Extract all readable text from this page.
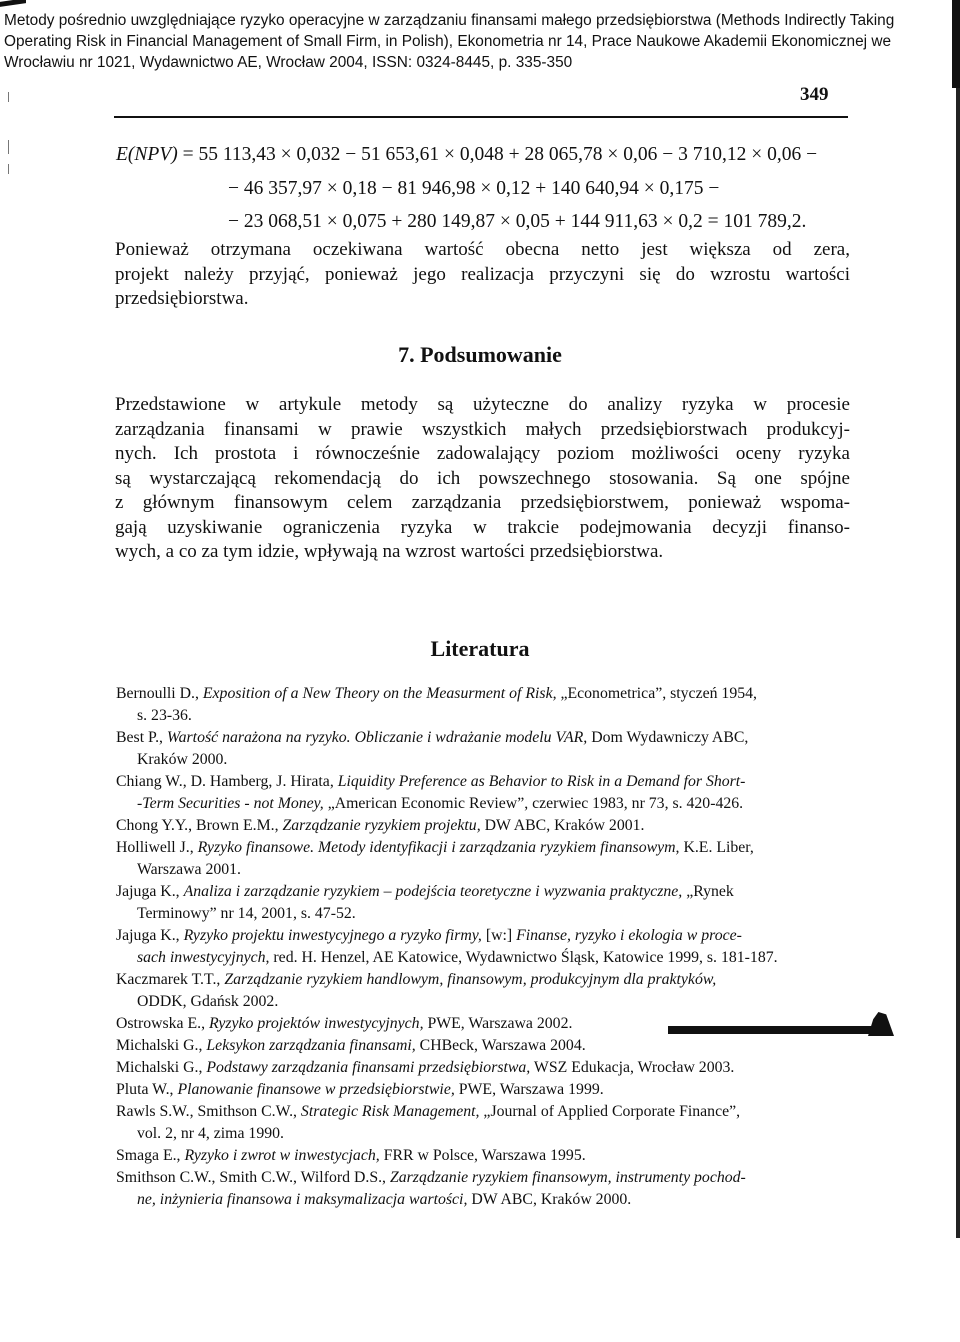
Metody pośrednio uwzględniające ryzyko operacyjne w zarządzaniu finansami małego przedsiębiorstwa (Methods Indirectly Taking
Operating Risk in Financial Management of Small Firm, in Polish), Ekonometria nr 14, Prace Naukowe Akademii Ekonomicznej we
Wrocławiu nr 1021, Wydawnictwo AE, Wrocław 2004, ISSN: 0324-8445, p. 335-350
349
E(NPV) = 55 113,43 × 0,032 − 51 653,61 × 0,048 + 28 065,78 × 0,06 − 3 710,12 × 0,06 −
− 46 357,97 × 0,18 − 81 946,98 × 0,12 + 140 640,94 × 0,175 −
− 23 068,51 × 0,075 + 280 149,87 × 0,05 + 144 911,63 × 0,2 = 101 789,2.
Ponieważ otrzymana oczekiwana wartość obecna netto jest większa od zera,
projekt należy przyjąć, ponieważ jego realizacja przyczyni się do wzrostu wartości
przedsiębiorstwa.
7. Podsumowanie
Przedstawione w artykule metody są użyteczne do analizy ryzyka w procesie
zarządzania finansami w prawie wszystkich małych przedsiębiorstwach produkcyj-
nych. Ich prostota i równocześnie zadowalający poziom możliwości oceny ryzyka
są wystarczającą rekomendacją do ich powszechnego stosowania. Są one spójne
z głównym finansowym celem zarządzania przedsiębiorstwem, ponieważ wspoma-
gają uzyskiwanie ograniczenia ryzyka w trakcie podejmowania decyzji finanso-
wych, a co za tym idzie, wpływają na wzrost wartości przedsiębiorstwa.
Literatura
Bernoulli D., Exposition of a New Theory on the Measurment of Risk, „Econometrica”, styczeń 1954,
s. 23-36.
Best P., Wartość narażona na ryzyko. Obliczanie i wdrażanie modelu VAR, Dom Wydawniczy ABC,
Kraków 2000.
Chiang W., D. Hamberg, J. Hirata, Liquidity Preference as Behavior to Risk in a Demand for Short-
-Term Securities - not Money, „American Economic Review”, czerwiec 1983, nr 73, s. 420-426.
Chong Y.Y., Brown E.M., Zarządzanie ryzykiem projektu, DW ABC, Kraków 2001.
Holliwell J., Ryzyko finansowe. Metody identyfikacji i zarządzania ryzykiem finansowym, K.E. Liber,
Warszawa 2001.
Jajuga K., Analiza i zarządzanie ryzykiem – podejścia teoretyczne i wyzwania praktyczne, „Rynek
Terminowy” nr 14, 2001, s. 47-52.
Jajuga K., Ryzyko projektu inwestycyjnego a ryzyko firmy, [w:] Finanse, ryzyko i ekologia w proce-
sach inwestycyjnych, red. H. Henzel, AE Katowice, Wydawnictwo Śląsk, Katowice 1999, s. 181-187.
Kaczmarek T.T., Zarządzanie ryzykiem handlowym, finansowym, produkcyjnym dla praktyków,
ODDK, Gdańsk 2002.
Ostrowska E., Ryzyko projektów inwestycyjnych, PWE, Warszawa 2002.
Michalski G., Leksykon zarządzania finansami, CHBeck, Warszawa 2004.
Michalski G., Podstawy zarządzania finansami przedsiębiorstwa, WSZ Edukacja, Wrocław 2003.
Pluta W., Planowanie finansowe w przedsiębiorstwie, PWE, Warszawa 1999.
Rawls S.W., Smithson C.W., Strategic Risk Management, „Journal of Applied Corporate Finance”,
vol. 2, nr 4, zima 1990.
Smaga E., Ryzyko i zwrot w inwestycjach, FRR w Polsce, Warszawa 1995.
Smithson C.W., Smith C.W., Wilford D.S., Zarządzanie ryzykiem finansowym, instrumenty pochod-
ne, inżynieria finansowa i maksymalizacja wartości, DW ABC, Kraków 2000.
